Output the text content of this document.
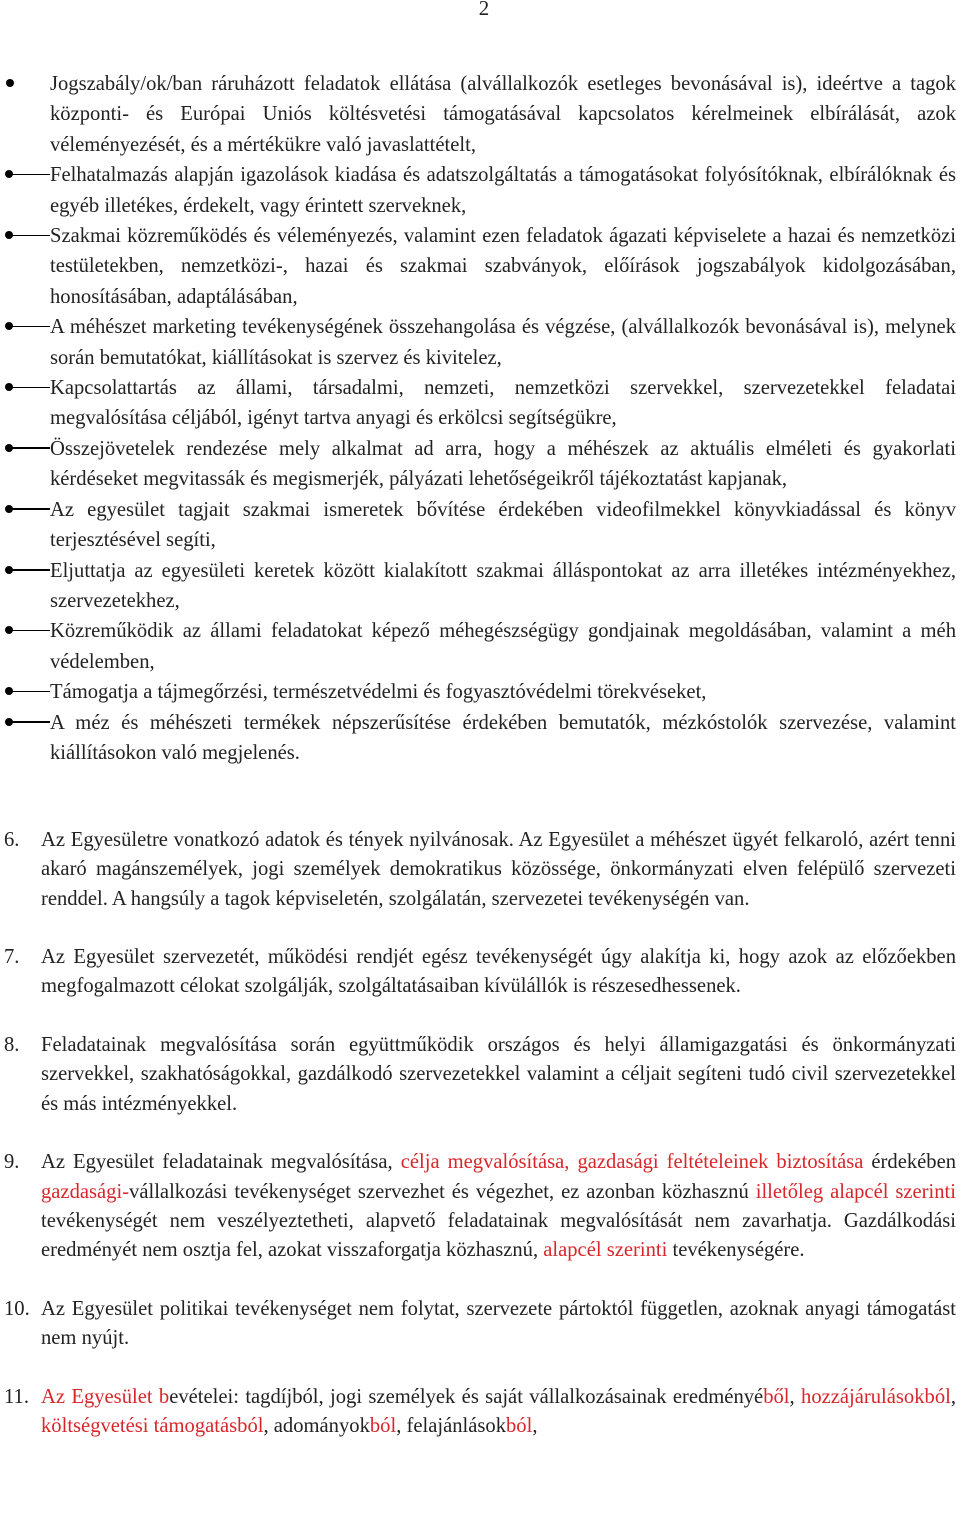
2
Jogszabály/ok/ban ráruházott feladatok ellátása (alvállalkozók esetleges bevonásával is), ideértve a tagok központi- és Európai Uniós költésvetési támogatásával kapcsolatos kérelmeinek elbírálását, azok véleményezését, és a mértékükre való javaslattételt,
Felhatalmazás alapján igazolások kiadása és adatszolgáltatás a támogatásokat folyósítóknak, elbírálóknak és egyéb illetékes, érdekelt, vagy érintett szerveknek,
Szakmai közreműködés és véleményezés, valamint ezen feladatok ágazati képviselete a hazai és nemzetközi testületekben, nemzetközi-, hazai és szakmai szabványok, előírások jogszabályok kidolgozásában, honosításában, adaptálásában,
A méhészet marketing tevékenységének összehangolása és végzése, (alvállalkozók bevonásával is), melynek során bemutatókat, kiállításokat is szervez és kivitelez,
Kapcsolattartás az állami, társadalmi, nemzeti, nemzetközi szervekkel, szervezetekkel feladatai megvalósítása céljából, igényt tartva anyagi és erkölcsi segítségükre,
Összejövetelek rendezése mely alkalmat ad arra, hogy a méhészek az aktuális elméleti és gyakorlati kérdéseket megvitassák és megismerjék, pályázati lehetőségeikről tájékoztatást kapjanak,
Az egyesület tagjait szakmai ismeretek bővítése érdekében videofilmekkel könyvkiadással és könyv terjesztésével segíti,
Eljuttatja az egyesületi keretek között kialakított szakmai álláspontokat az arra illetékes intézményekhez, szervezetekhez,
Közreműködik az állami feladatokat képező méhegészségügy gondjainak megoldásában, valamint a méh védelemben,
Támogatja a tájmegőrzési, természetvédelmi és fogyasztóvédelmi törekvéseket,
A méz és méhészeti termékek népszerűsítése érdekében bemutatók, mézkóstolók szervezése, valamint kiállításokon való megjelenés.
6. Az Egyesületre vonatkozó adatok és tények nyilvánosak. Az Egyesület a méhészet ügyét felkaroló, azért tenni akaró magánszemélyek, jogi személyek demokratikus közössége, önkormányzati elven felépülő szervezeti renddel. A hangsúly a tagok képviseletén, szolgálatán, szervezetei tevékenységén van.
7. Az Egyesület szervezetét, működési rendjét egész tevékenységét úgy alakítja ki, hogy azok az előzőekben megfogalmazott célokat szolgálják, szolgáltatásaiban kívülállók is részesedhessenek.
8. Feladatainak megvalósítása során együttműködik országos és helyi államigazgatási és önkormányzati szervekkel, szakhatóságokkal, gazdálkodó szervezetekkel valamint a céljait segíteni tudó civil szervezetekkel és más intézményekkel.
9. Az Egyesület feladatainak megvalósítása, célja megvalósítása, gazdasági feltételeinek biztosítása érdekében gazdasági-vállalkozási tevékenységet szervezhet és végezhet, ez azonban közhasznú illetőleg alapcél szerinti tevékenységét nem veszélyeztetheti, alapvető feladatainak megvalósítását nem zavarhatja. Gazdálkodási eredményét nem osztja fel, azokat visszaforgatja közhasznú, alapcél szerinti tevékenységére.
10. Az Egyesület politikai tevékenységet nem folytat, szervezete pártoktól független, azoknak anyagi támogatást nem nyújt.
11. Az Egyesület bevételei: tagdíjból, jogi személyek és saját vállalkozásainak eredményéből, hozzájárulásokból, költségvetési támogatásból, adományokból, felajánlásokból,
